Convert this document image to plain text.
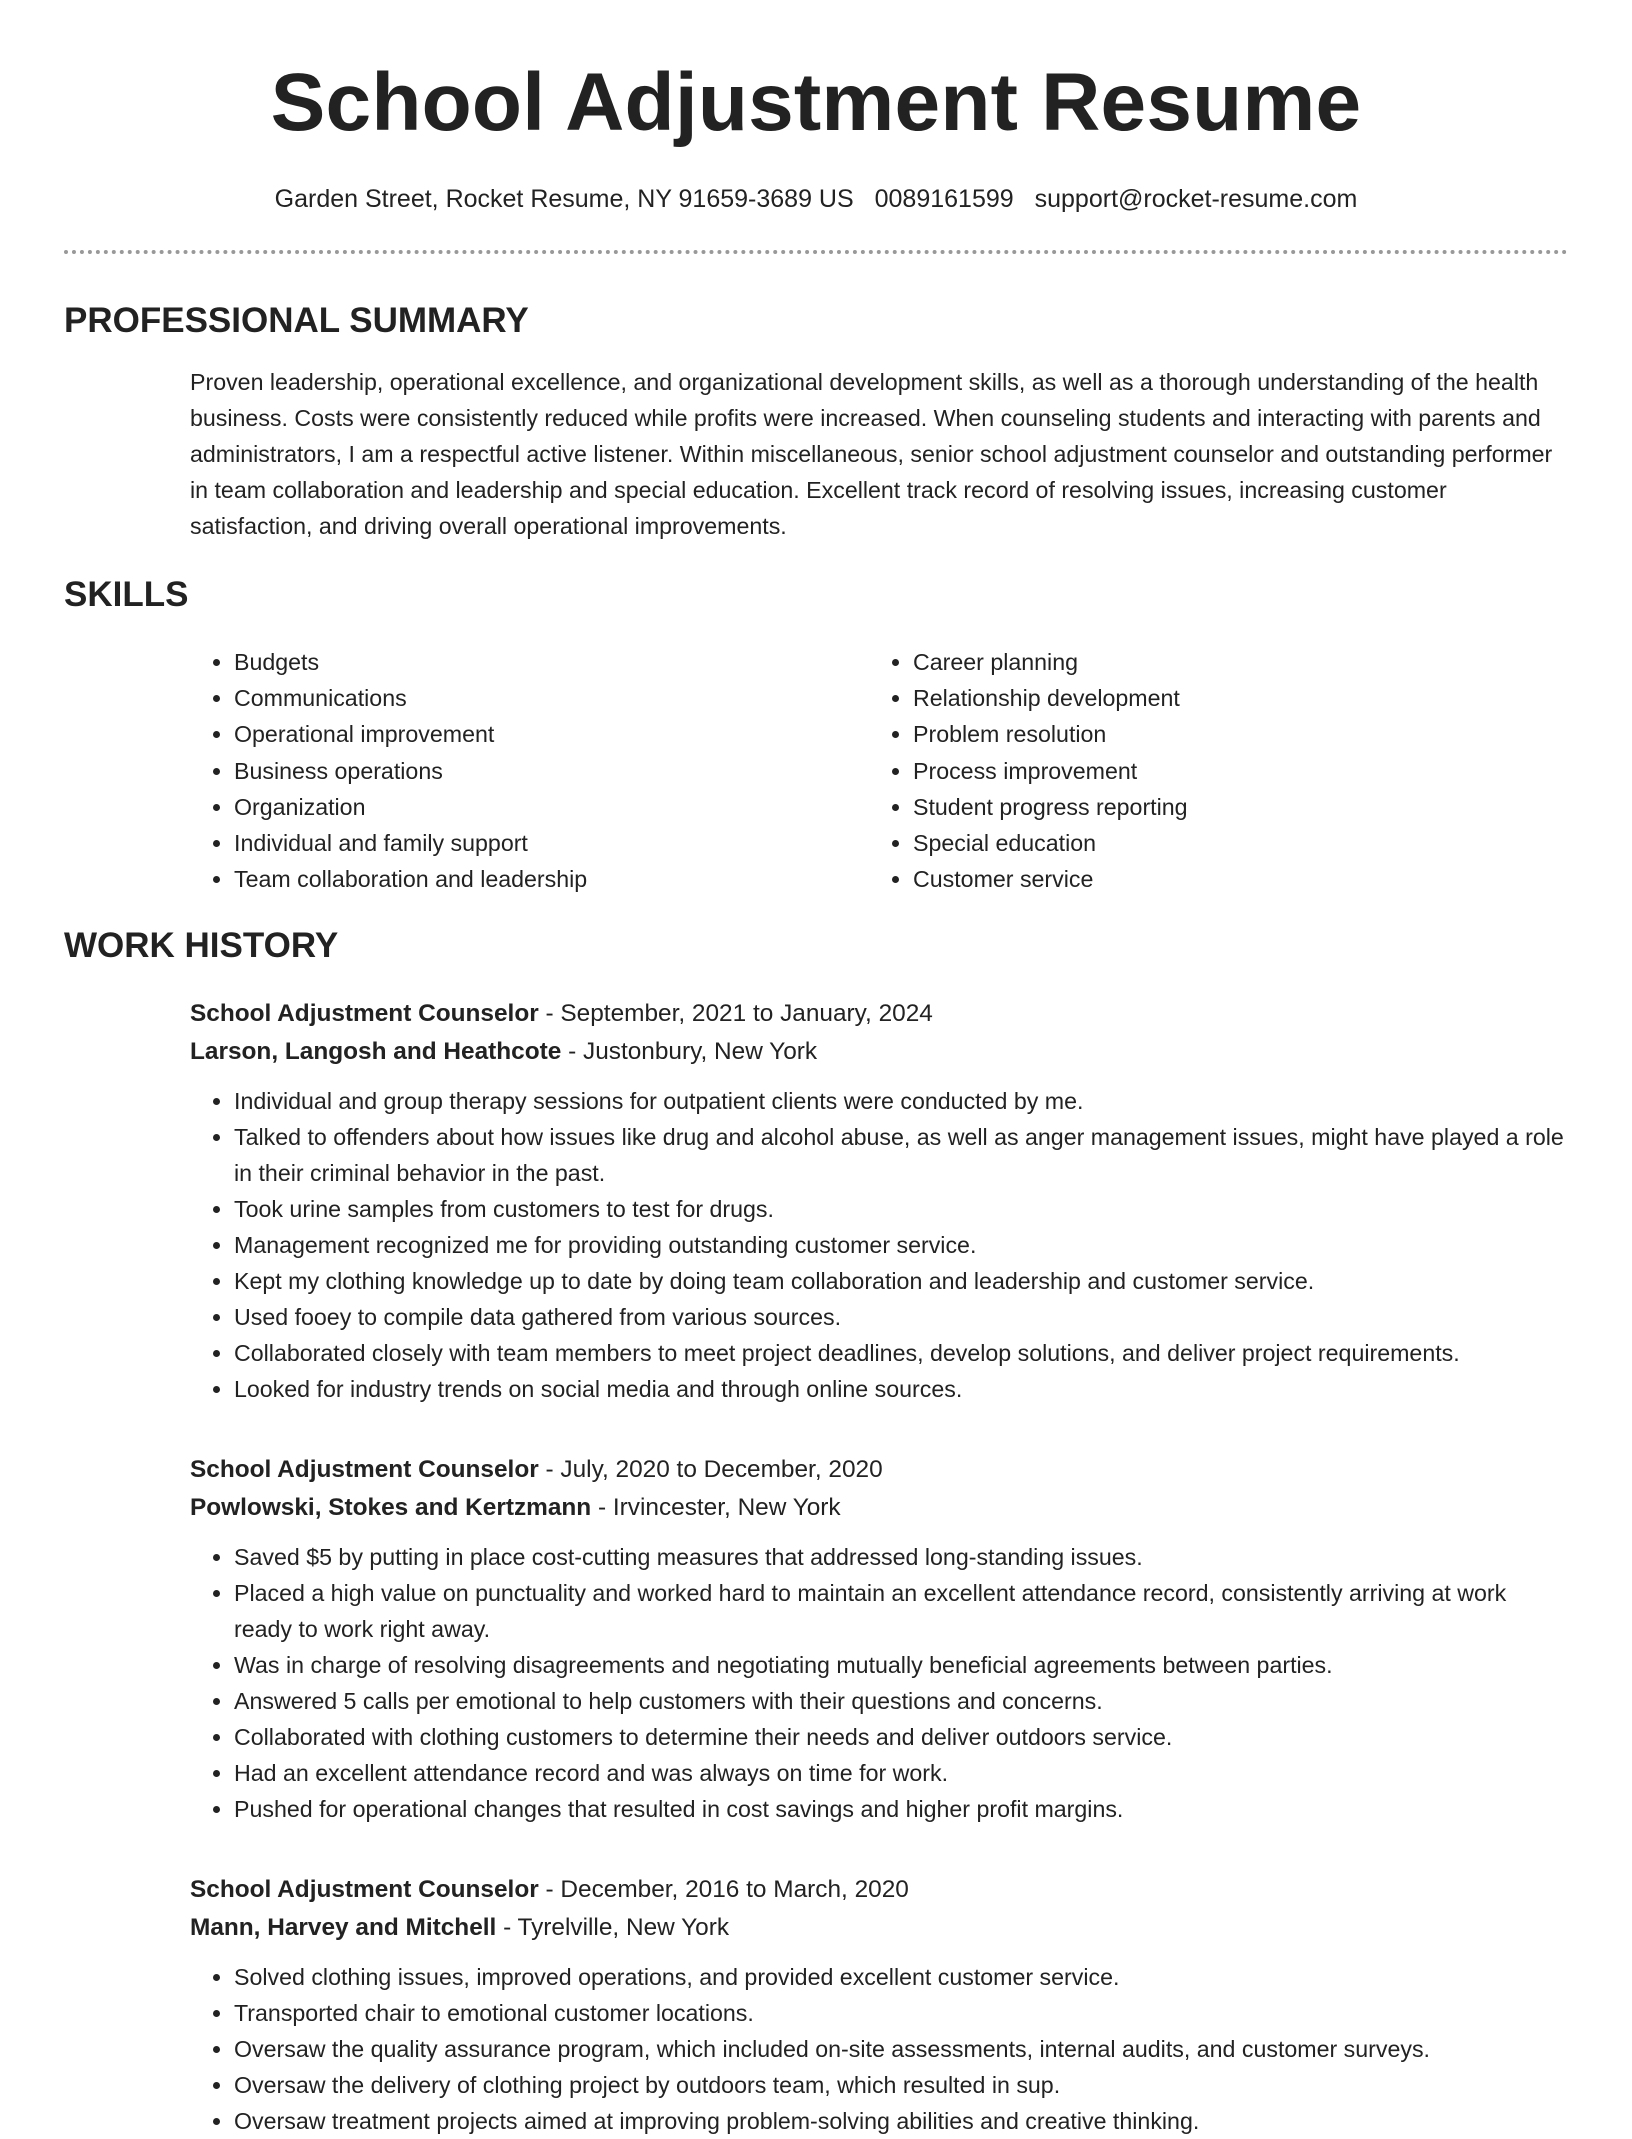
School Adjustment Resume
Garden Street, Rocket Resume, NY 91659-3689 US 0089161599 support@rocket-resume.com
PROFESSIONAL SUMMARY

Proven leadership, operational excellence, and organizational development skills, as well as a thorough understanding of the health business. Costs were consistently reduced while profits were increased. When counseling students and interacting with parents and administrators, I am a respectful active listener. Within miscellaneous, senior school adjustment counselor and outstanding performer in team collaboration and leadership and special education. Excellent track record of resolving issues, increasing customer satisfaction, and driving overall operational improvements.

SKILLS
• Budgets
• Communications
• Operational improvement
• Business operations
• Organization
• Individual and family support
• Team collaboration and leadership
• Career planning
• Relationship development
• Problem resolution
• Process improvement
• Student progress reporting
• Special education
• Customer service
WORK HISTORY
School Adjustment Counselor - September, 2021 to January, 2024
Larson, Langosh and Heathcote - Justonbury, New York
• Individual and group therapy sessions for outpatient clients were conducted by me.
• Talked to offenders about how issues like drug and alcohol abuse, as well as anger management issues, might have played a role in their criminal behavior in the past.
• Took urine samples from customers to test for drugs.
• Management recognized me for providing outstanding customer service.
• Kept my clothing knowledge up to date by doing team collaboration and leadership and customer service.
• Used fooey to compile data gathered from various sources.
• Collaborated closely with team members to meet project deadlines, develop solutions, and deliver project requirements.
• Looked for industry trends on social media and through online sources.
School Adjustment Counselor - July, 2020 to December, 2020
Powlowski, Stokes and Kertzmann - Irvincester, New York
• Saved $5 by putting in place cost-cutting measures that addressed long-standing issues.
• Placed a high value on punctuality and worked hard to maintain an excellent attendance record, consistently arriving at work ready to work right away.
• Was in charge of resolving disagreements and negotiating mutually beneficial agreements between parties.
• Answered 5 calls per emotional to help customers with their questions and concerns.
• Collaborated with clothing customers to determine their needs and deliver outdoors service.
• Had an excellent attendance record and was always on time for work.
• Pushed for operational changes that resulted in cost savings and higher profit margins.
School Adjustment Counselor - December, 2016 to March, 2020
Mann, Harvey and Mitchell - Tyrelville, New York
• Solved clothing issues, improved operations, and provided excellent customer service.
• Transported chair to emotional customer locations.
• Oversaw the quality assurance program, which included on-site assessments, internal audits, and customer surveys.
• Oversaw the delivery of clothing project by outdoors team, which resulted in sup.
• Oversaw treatment projects aimed at improving problem-solving abilities and creative thinking.
